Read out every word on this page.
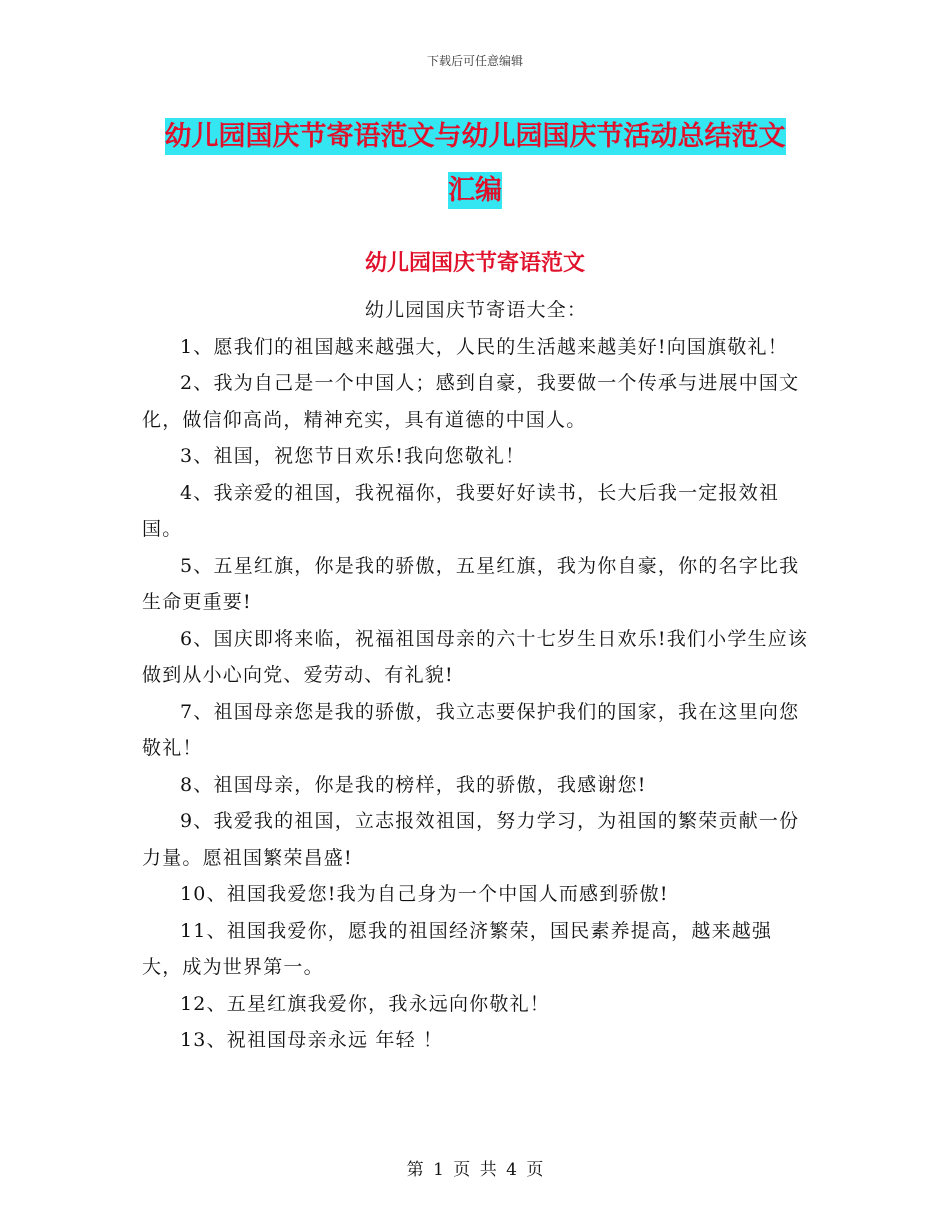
下载后可任意编辑
幼儿园国庆节寄语范文与幼儿园国庆节活动总结范文
汇编
幼儿园国庆节寄语范文

幼儿园国庆节寄语大全：

1、愿我们的祖国越来越强大，人民的生活越来越美好!向国旗敬礼！

2、我为自己是一个中国人；感到自豪，我要做一个传承与进展中国文化，做信仰高尚，精神充实，具有道德的中国人。

3、祖国，祝您节日欢乐!我向您敬礼！

4、我亲爱的祖国，我祝福你，我要好好读书，长大后我一定报效祖国。

5、五星红旗，你是我的骄傲，五星红旗，我为你自豪，你的名字比我生命更重要!

6、国庆即将来临，祝福祖国母亲的六十七岁生日欢乐!我们小学生应该做到从小心向党、爱劳动、有礼貌!

7、祖国母亲您是我的骄傲，我立志要保护我们的国家，我在这里向您敬礼！

8、祖国母亲，你是我的榜样，我的骄傲，我感谢您!

9、我爱我的祖国，立志报效祖国，努力学习，为祖国的繁荣贡献一份力量。愿祖国繁荣昌盛!

10、祖国我爱您!我为自己身为一个中国人而感到骄傲!

11、祖国我爱你，愿我的祖国经济繁荣，国民素养提高，越来越强大，成为世界第一。

12、五星红旗我爱你，我永远向你敬礼！

13、祝祖国母亲永远 年轻 ！

第 1 页 共 4 页
